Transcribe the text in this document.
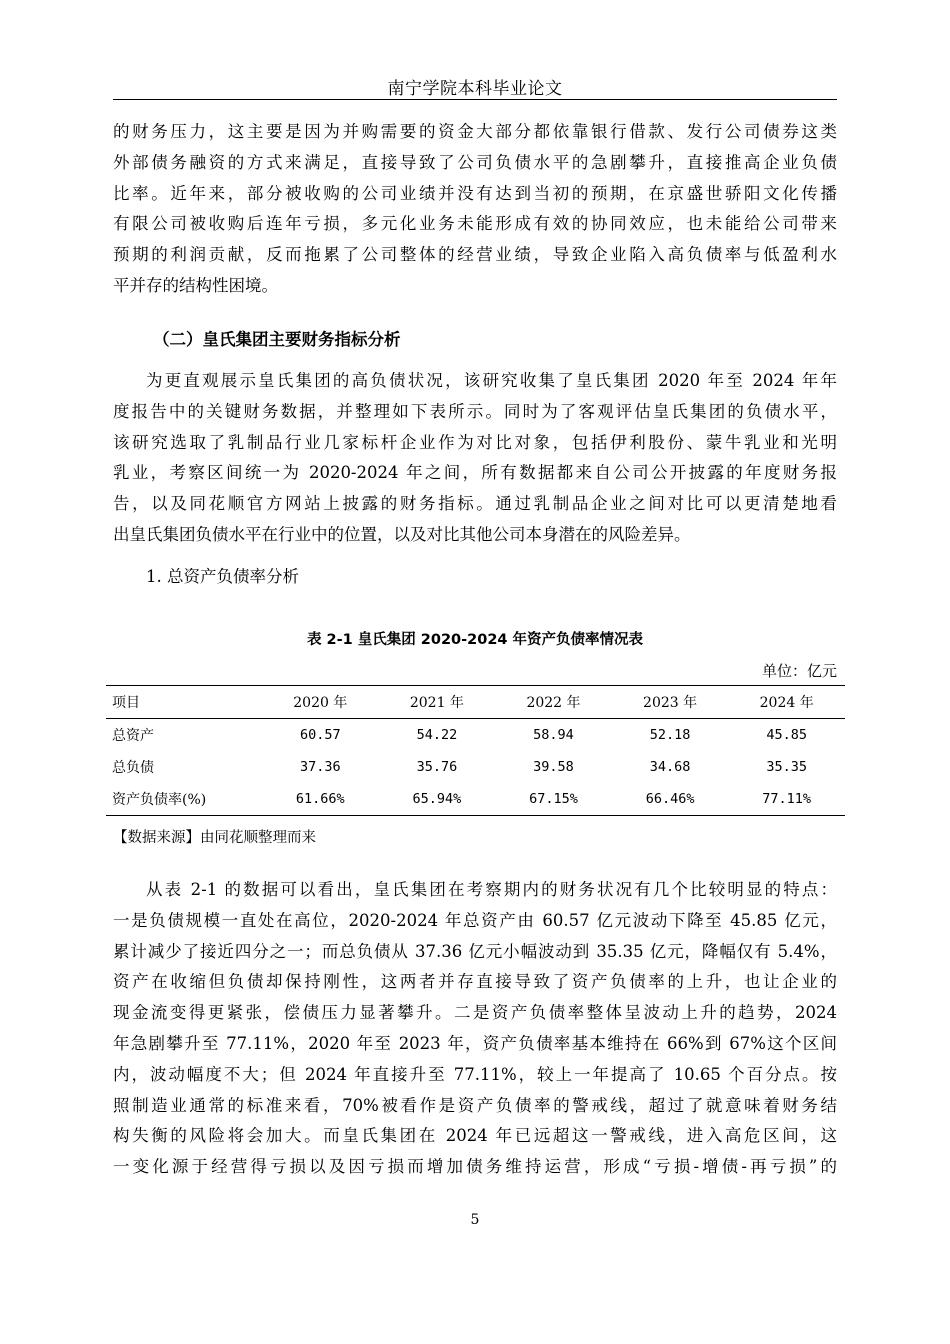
南宁学院本科毕业论文
的财务压力，这主要是因为并购需要的资金大部分都依靠银行借款、发行公司债券这类
外部债务融资的方式来满足，直接导致了公司负债水平的急剧攀升，直接推高企业负债
比率。近年来，部分被收购的公司业绩并没有达到当初的预期，在京盛世骄阳文化传播
有限公司被收购后连年亏损，多元化业务未能形成有效的协同效应，也未能给公司带来
预期的利润贡献，反而拖累了公司整体的经营业绩，导致企业陷入高负债率与低盈利水
平并存的结构性困境。
（二）皇氏集团主要财务指标分析
为更直观展示皇氏集团的高负债状况，该研究收集了皇氏集团 2020 年至 2024 年年
度报告中的关键财务数据，并整理如下表所示。同时为了客观评估皇氏集团的负债水平，
该研究选取了乳制品行业几家标杆企业作为对比对象，包括伊利股份、蒙牛乳业和光明
乳业，考察区间统一为 2020-2024 年之间，所有数据都来自公司公开披露的年度财务报
告，以及同花顺官方网站上披露的财务指标。通过乳制品企业之间对比可以更清楚地看
出皇氏集团负债水平在行业中的位置，以及对比其他公司本身潜在的风险差异。
1. 总资产负债率分析
表 2-1 皇氏集团 2020-2024 年资产负债率情况表
单位：亿元
项目	2020 年	2021 年	2022 年	2023 年	2024 年
总资产	60.57	54.22	58.94	52.18	45.85
总负债	37.36	35.76	39.58	34.68	35.35
资产负债率(%)	61.66%	65.94%	67.15%	66.46%	77.11%
【数据来源】由同花顺整理而来
从表 2-1 的数据可以看出，皇氏集团在考察期内的财务状况有几个比较明显的特点：
一是负债规模一直处在高位，2020-2024 年总资产由 60.57 亿元波动下降至 45.85 亿元，
累计减少了接近四分之一；而总负债从 37.36 亿元小幅波动到 35.35 亿元，降幅仅有 5.4%，
资产在收缩但负债却保持刚性，这两者并存直接导致了资产负债率的上升，也让企业的
现金流变得更紧张，偿债压力显著攀升。二是资产负债率整体呈波动上升的趋势，2024
年急剧攀升至 77.11%，2020 年至 2023 年，资产负债率基本维持在 66%到 67%这个区间
内，波动幅度不大；但 2024 年直接升至 77.11%，较上一年提高了 10.65 个百分点。按
照制造业通常的标准来看，70%被看作是资产负债率的警戒线，超过了就意味着财务结
构失衡的风险将会加大。而皇氏集团在 2024 年已远超这一警戒线，进入高危区间，这
一变化源于经营得亏损以及因亏损而增加债务维持运营，形成“亏损-增债-再亏损”的
5
